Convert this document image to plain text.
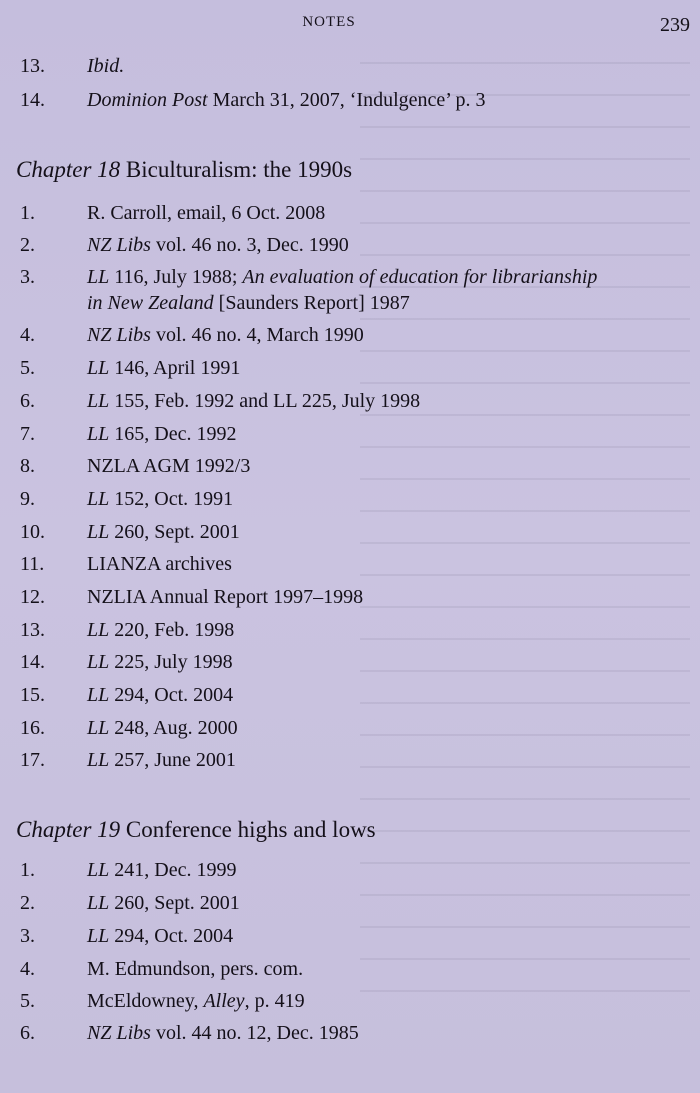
NOTES	239
13.	Ibid.
14.	Dominion Post March 31, 2007, ‘Indulgence’ p. 3
Chapter 18 Biculturalism: the 1990s
1.	R. Carroll, email, 6 Oct. 2008
2.	NZ Libs vol. 46 no. 3, Dec. 1990
3.	LL 116, July 1988; An evaluation of education for librarianship
in New Zealand [Saunders Report] 1987
4.	NZ Libs vol. 46 no. 4, March 1990
5.	LL 146, April 1991
6.	LL 155, Feb. 1992 and LL 225, July 1998
7.	LL 165, Dec. 1992
8.	NZLA AGM 1992/3
9.	LL 152, Oct. 1991
10.	LL 260, Sept. 2001
11.	LIANZA archives
12.	NZLIA Annual Report 1997–1998
13.	LL 220, Feb. 1998
14.	LL 225, July 1998
15.	LL 294, Oct. 2004
16.	LL 248, Aug. 2000
17.	LL 257, June 2001
Chapter 19 Conference highs and lows
1.	LL 241, Dec. 1999
2.	LL 260, Sept. 2001
3.	LL 294, Oct. 2004
4.	M. Edmundson, pers. com.
5.	McEldowney, Alley, p. 419
6.	NZ Libs vol. 44 no. 12, Dec. 1985
